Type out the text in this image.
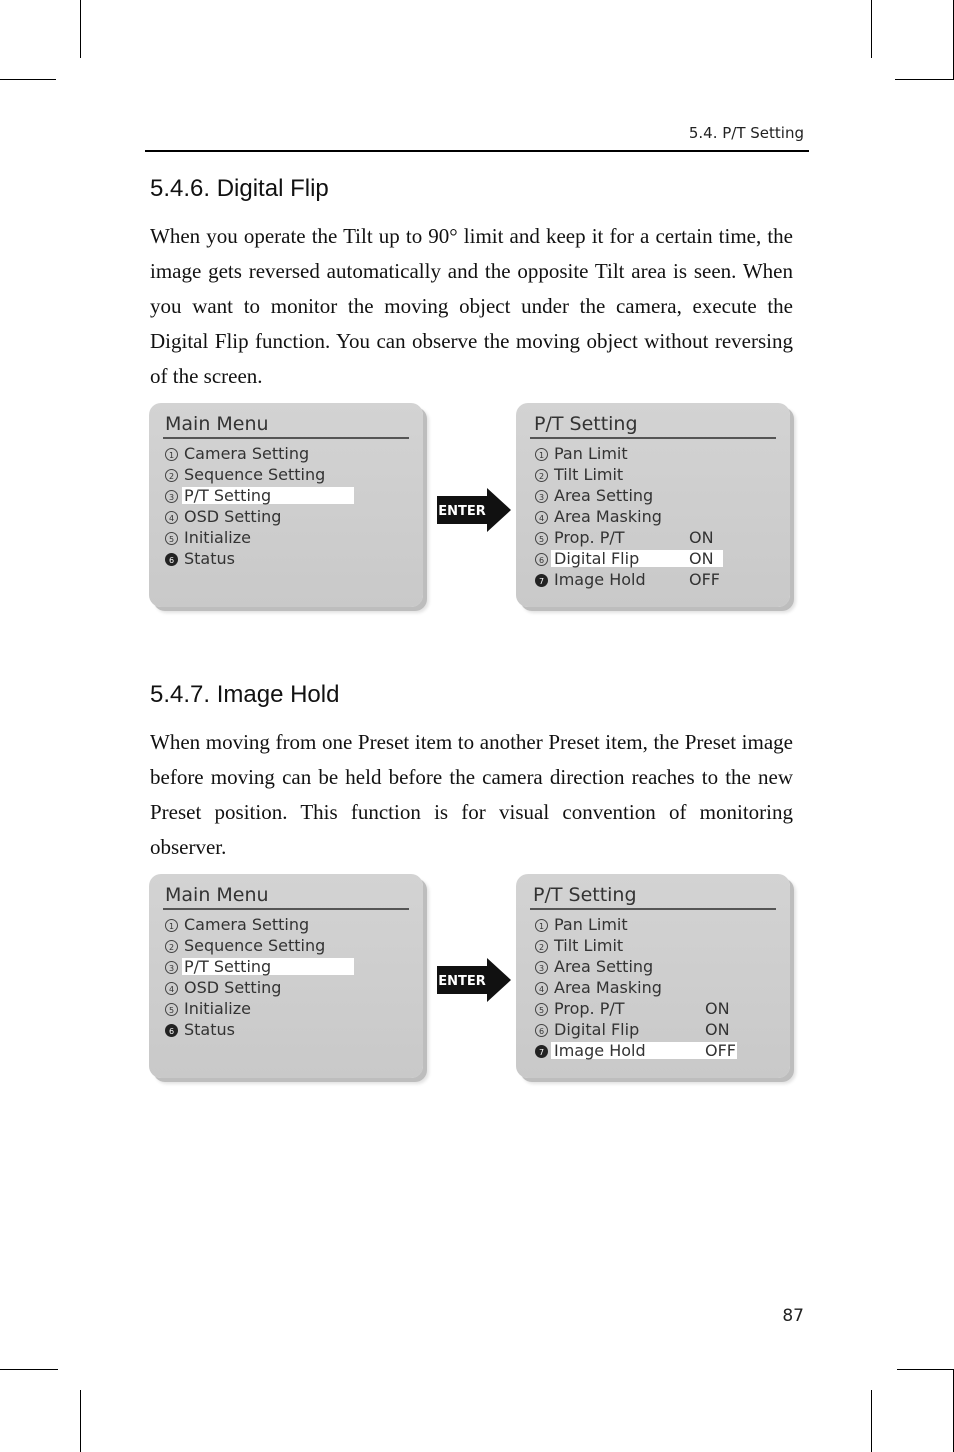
5.4. P/T Setting
5.4.6. Digital Flip
When you operate the Tilt up to 90° limit and keep it for a certain time, the image gets reversed automatically and the opposite Tilt area is seen. When you want to monitor the moving object under the camera, execute the Digital Flip function. You can observe the moving object without reversing of the screen.
Main Menu
1 Camera Setting
2 Sequence Setting
3 P/T Setting
4 OSD Setting
5 Initialize
6 Status
ENTER
P/T Setting
1 Pan Limit
2 Tilt Limit
3 Area Setting
4 Area Masking
5 Prop. P/T	ON
6 Digital Flip	ON
7 Image Hold	OFF
5.4.7. Image Hold
When moving from one Preset item to another Preset item, the Preset image before moving can be held before the camera direction reaches to the new Preset position. This function is for visual convention of monitoring observer.
Main Menu
1 Camera Setting
2 Sequence Setting
3 P/T Setting
4 OSD Setting
5 Initialize
6 Status
ENTER
P/T Setting
1 Pan Limit
2 Tilt Limit
3 Area Setting
4 Area Masking
5 Prop. P/T	ON
6 Digital Flip	ON
7 Image Hold	OFF
87
